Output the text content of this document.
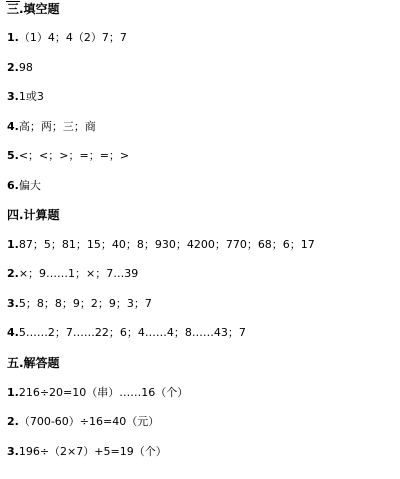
三.填空题
1.（1）4；4（2）7；7
2.98
3.1或3
4.高；两；三；商
5.<；<；>；=；=；>
6.偏大
四.计算题
1.87；5；81；15；40；8；930；4200；770；68；6；17
2.×；9……1；×；7…39
3.5；8；8；9；2；9；3；7
4.5……2；7……22；6；4……4；8……43；7
五.解答题
1.216÷20=10（串）……16（个）
2.（700-60）÷16=40（元）
3.196÷（2×7）+5=19（个）
